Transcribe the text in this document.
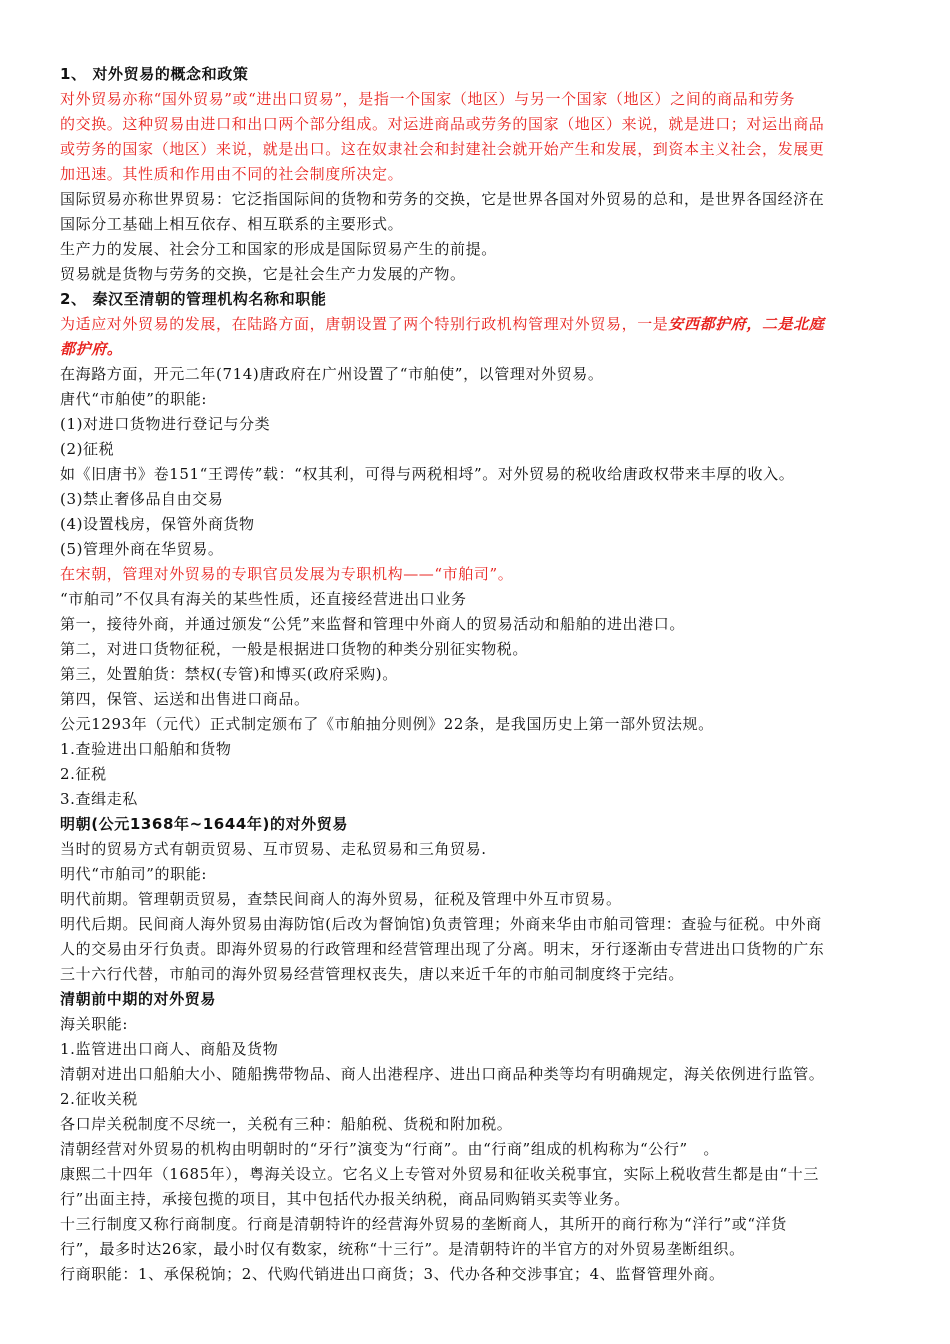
1、 对外贸易的概念和政策
对外贸易亦称“国外贸易”或“进出口贸易”，是指一个国家（地区）与另一个国家（地区）之间的商品和劳务
的交换。这种贸易由进口和出口两个部分组成。对运进商品或劳务的国家（地区）来说，就是进口；对运出商品
或劳务的国家（地区）来说，就是出口。这在奴隶社会和封建社会就开始产生和发展，到资本主义社会，发展更
加迅速。其性质和作用由不同的社会制度所决定。
国际贸易亦称世界贸易：它泛指国际间的货物和劳务的交换，它是世界各国对外贸易的总和，是世界各国经济在
国际分工基础上相互依存、相互联系的主要形式。
生产力的发展、社会分工和国家的形成是国际贸易产生的前提。
贸易就是货物与劳务的交换，它是社会生产力发展的产物。
2、 秦汉至清朝的管理机构名称和职能
为适应对外贸易的发展，在陆路方面，唐朝设置了两个特别行政机构管理对外贸易，一是安西都护府，二是北庭
都护府。
在海路方面，开元二年(714)唐政府在广州设置了“市舶使”，以管理对外贸易。
唐代“市舶使”的职能:
(1)对进口货物进行登记与分类
(2)征税
如《旧唐书》卷151“王谔传”载：“权其利，可得与两税相埒”。对外贸易的税收给唐政权带来丰厚的收入。
(3)禁止奢侈品自由交易
(4)设置栈房，保管外商货物
(5)管理外商在华贸易。
在宋朝，管理对外贸易的专职官员发展为专职机构——“市舶司”。
“市舶司”不仅具有海关的某些性质，还直接经营进出口业务
第一，接待外商，并通过颁发“公凭”来监督和管理中外商人的贸易活动和船舶的进出港口。
第二，对进口货物征税，一般是根据进口货物的种类分别征实物税。
第三，处置舶货：禁权(专管)和博买(政府采购)。
第四，保管、运送和出售进口商品。
公元1293年（元代）正式制定颁布了《市舶抽分则例》22条，是我国历史上第一部外贸法规。
1.查验进出口船舶和货物
2.征税
3.查缉走私
明朝(公元1368年~1644年)的对外贸易
当时的贸易方式有朝贡贸易、互市贸易、走私贸易和三角贸易.
明代“市舶司”的职能:
明代前期。管理朝贡贸易，查禁民间商人的海外贸易，征税及管理中外互市贸易。
明代后期。民间商人海外贸易由海防馆(后改为督饷馆)负责管理；外商来华由市舶司管理：查验与征税。中外商
人的交易由牙行负责。即海外贸易的行政管理和经营管理出现了分离。明末，牙行逐渐由专营进出口货物的广东
三十六行代替，市舶司的海外贸易经营管理权丧失，唐以来近千年的市舶司制度终于完结。
清朝前中期的对外贸易
海关职能:
1.监管进出口商人、商船及货物
清朝对进出口船舶大小、随船携带物品、商人出港程序、进出口商品种类等均有明确规定，海关依例进行监管。
2.征收关税
各口岸关税制度不尽统一，关税有三种：船舶税、货税和附加税。
清朝经营对外贸易的机构由明朝时的“牙行”演变为“行商”。由“行商”组成的机构称为“公行”　。
康熙二十四年（1685年），粤海关设立。它名义上专管对外贸易和征收关税事宜，实际上税收营生都是由“十三
行”出面主持，承接包揽的项目，其中包括代办报关纳税，商品同购销买卖等业务。
十三行制度又称行商制度。行商是清朝特许的经营海外贸易的垄断商人，其所开的商行称为“洋行”或“洋货
行”，最多时达26家，最小时仅有数家，统称“十三行”。是清朝特许的半官方的对外贸易垄断组织。
行商职能：1、承保税饷；2、代购代销进出口商货；3、代办各种交涉事宜；4、监督管理外商。
